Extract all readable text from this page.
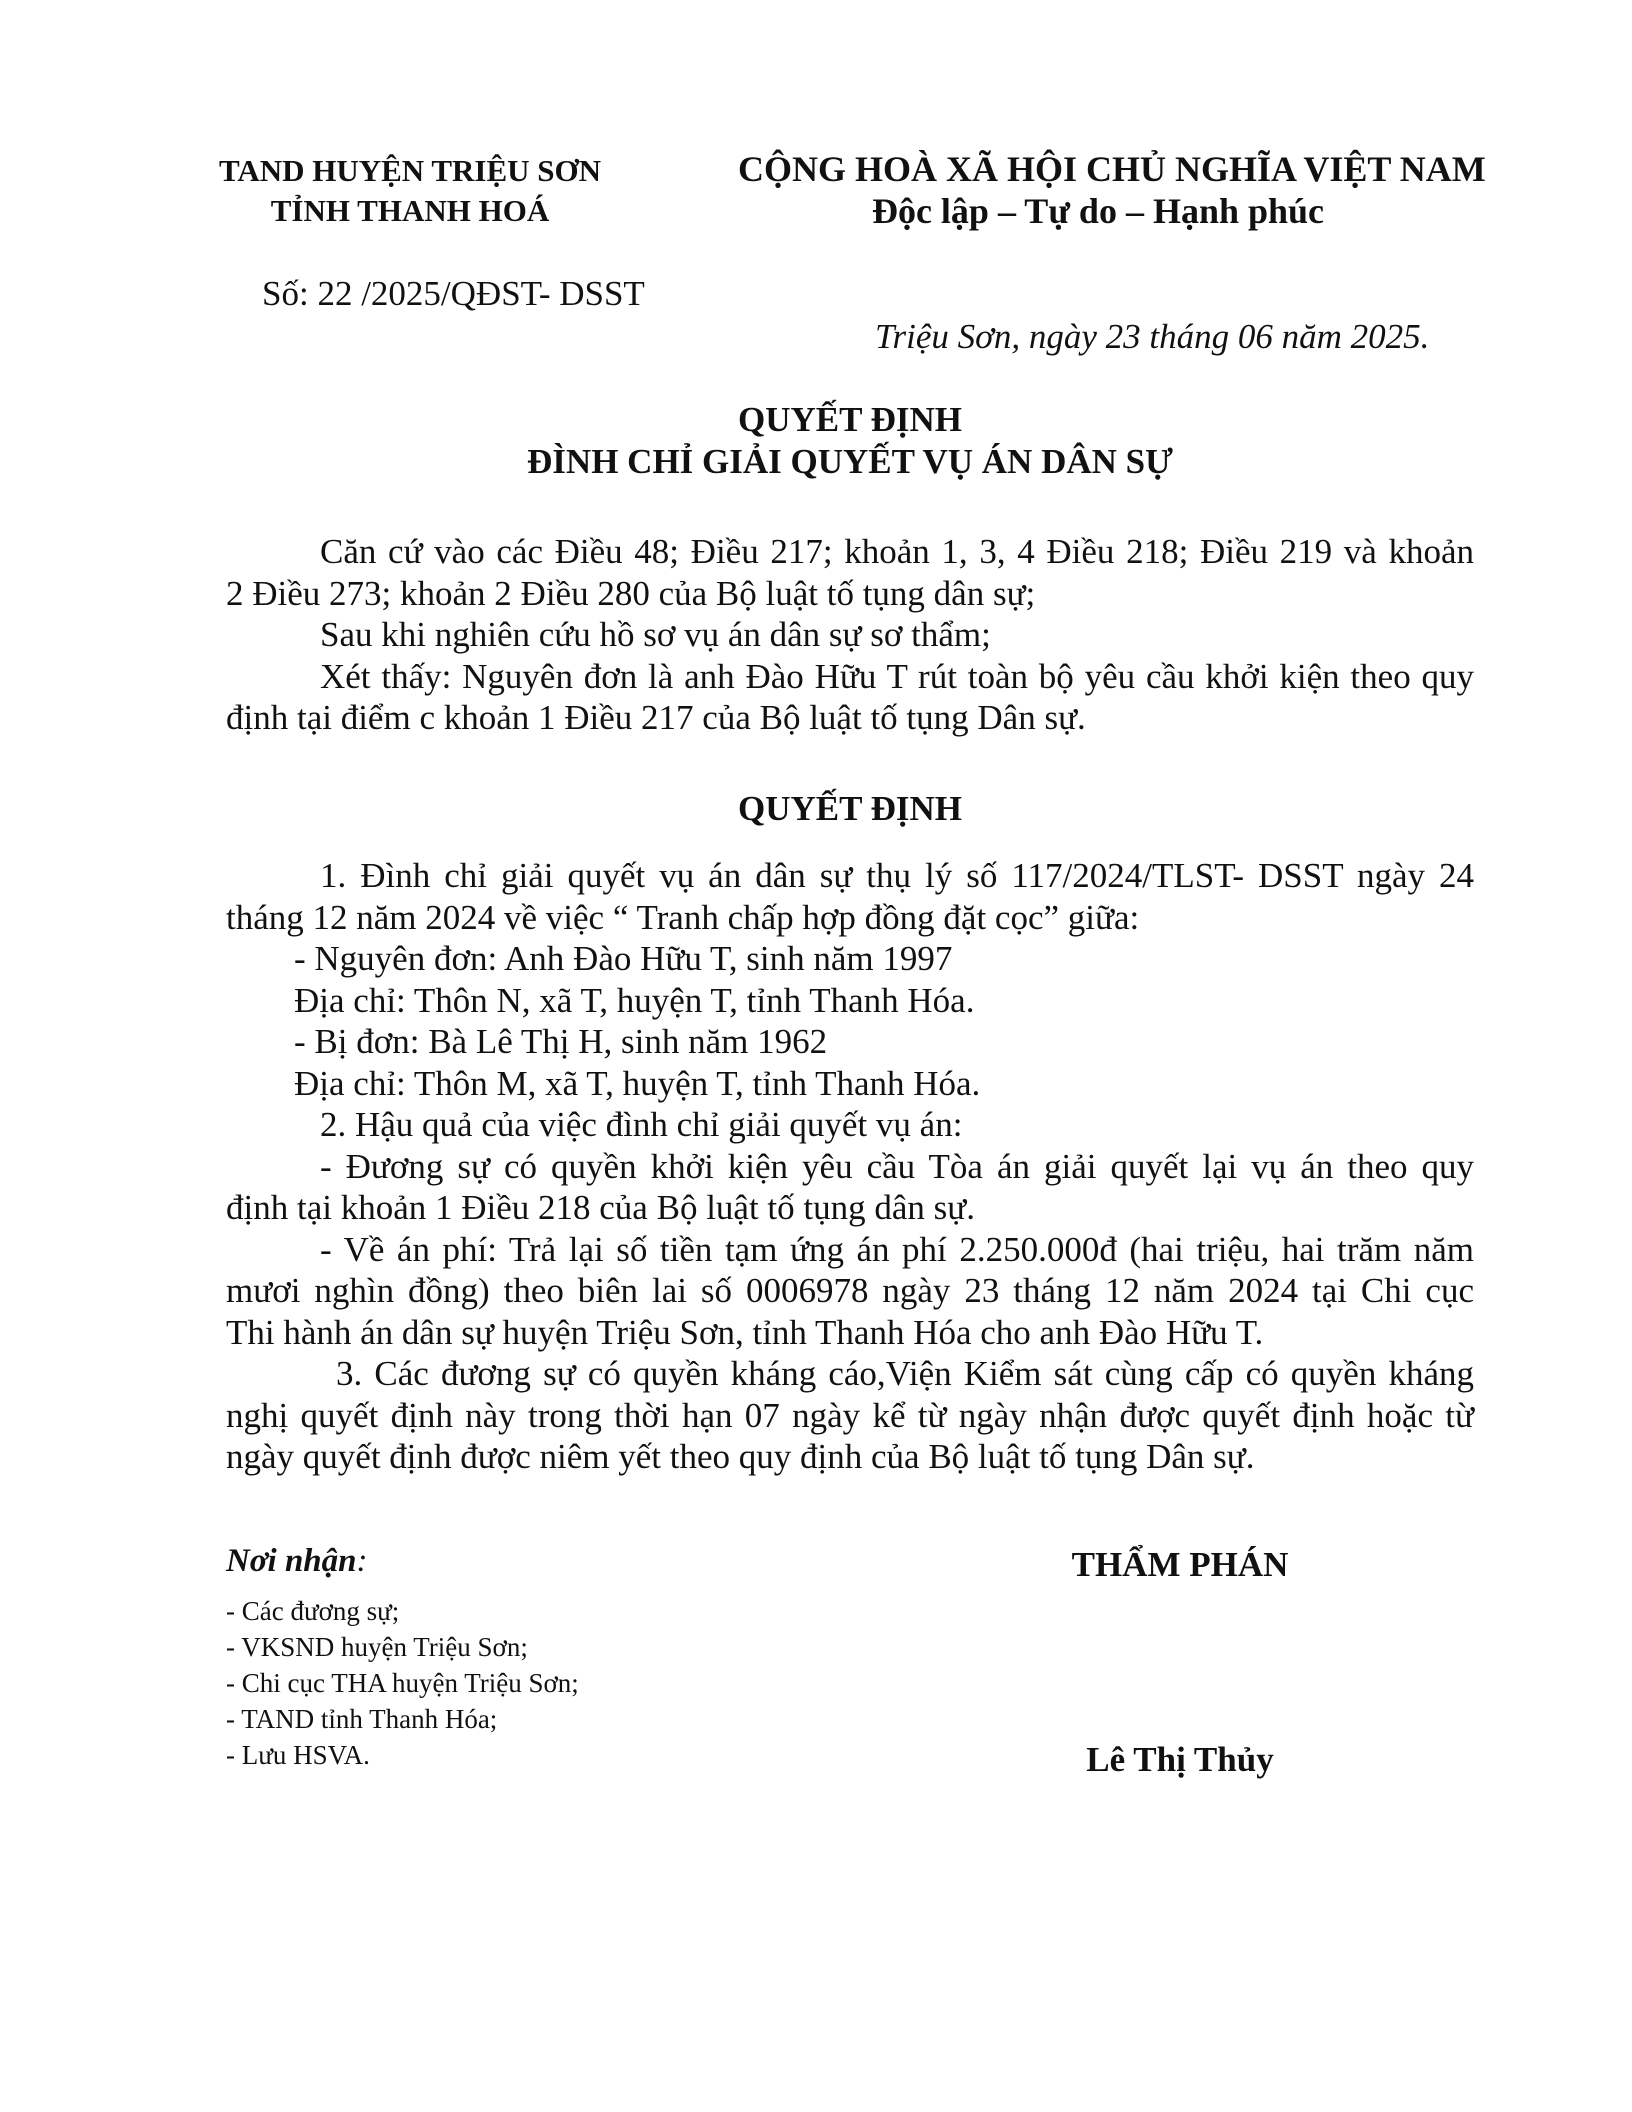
TAND HUYỆN TRIỆU SƠN
TỈNH THANH HOÁ
CỘNG HOÀ XÃ HỘI CHỦ NGHĨA VIỆT NAM
Độc lập – Tự do – Hạnh phúc
Số: 22 /2025/QĐST- DSST
Triệu Sơn, ngày 23 tháng 06 năm 2025.
QUYẾT ĐỊNH
ĐÌNH CHỈ GIẢI QUYẾT VỤ ÁN DÂN SỰ
Căn cứ vào các Điều 48; Điều 217; khoản 1, 3, 4 Điều 218; Điều 219 và khoản
2 Điều 273; khoản 2 Điều 280 của Bộ luật tố tụng dân sự;
Sau khi nghiên cứu hồ sơ vụ án dân sự sơ thẩm;
Xét thấy: Nguyên đơn là anh Đào Hữu T rút toàn bộ yêu cầu khởi kiện theo quy
định tại điểm c khoản 1 Điều 217 của Bộ luật tố tụng Dân sự.
QUYẾT ĐỊNH
1. Đình chỉ giải quyết vụ án dân sự thụ lý số 117/2024/TLST- DSST ngày 24
tháng 12 năm 2024 về việc “ Tranh chấp hợp đồng đặt cọc” giữa:
- Nguyên đơn: Anh Đào Hữu T, sinh năm 1997
Địa chỉ: Thôn N, xã T, huyện T, tỉnh Thanh Hóa.
- Bị đơn: Bà Lê Thị H, sinh năm 1962
Địa chỉ: Thôn M, xã T, huyện T, tỉnh Thanh Hóa.
2. Hậu quả của việc đình chỉ giải quyết vụ án:
- Đương sự có quyền khởi kiện yêu cầu Tòa án giải quyết lại vụ án theo quy
định tại khoản 1 Điều 218 của Bộ luật tố tụng dân sự.
- Về án phí: Trả lại số tiền tạm ứng án phí 2.250.000đ (hai triệu, hai trăm năm
mươi nghìn đồng) theo biên lai số 0006978 ngày 23 tháng 12 năm 2024 tại Chi cục
Thi hành án dân sự huyện Triệu Sơn, tỉnh Thanh Hóa cho anh Đào Hữu T.
3. Các đương sự có quyền kháng cáo,Viện Kiểm sát cùng cấp có quyền kháng
nghị quyết định này trong thời hạn 07 ngày kể từ ngày nhận được quyết định hoặc từ
ngày quyết định được niêm yết theo quy định của Bộ luật tố tụng Dân sự.
Nơi nhận:
- Các đương sự;
- VKSND huyện Triệu Sơn;
- Chi cục THA huyện Triệu Sơn;
- TAND tỉnh Thanh Hóa;
- Lưu HSVA.
THẨM PHÁN
Lê Thị Thủy
